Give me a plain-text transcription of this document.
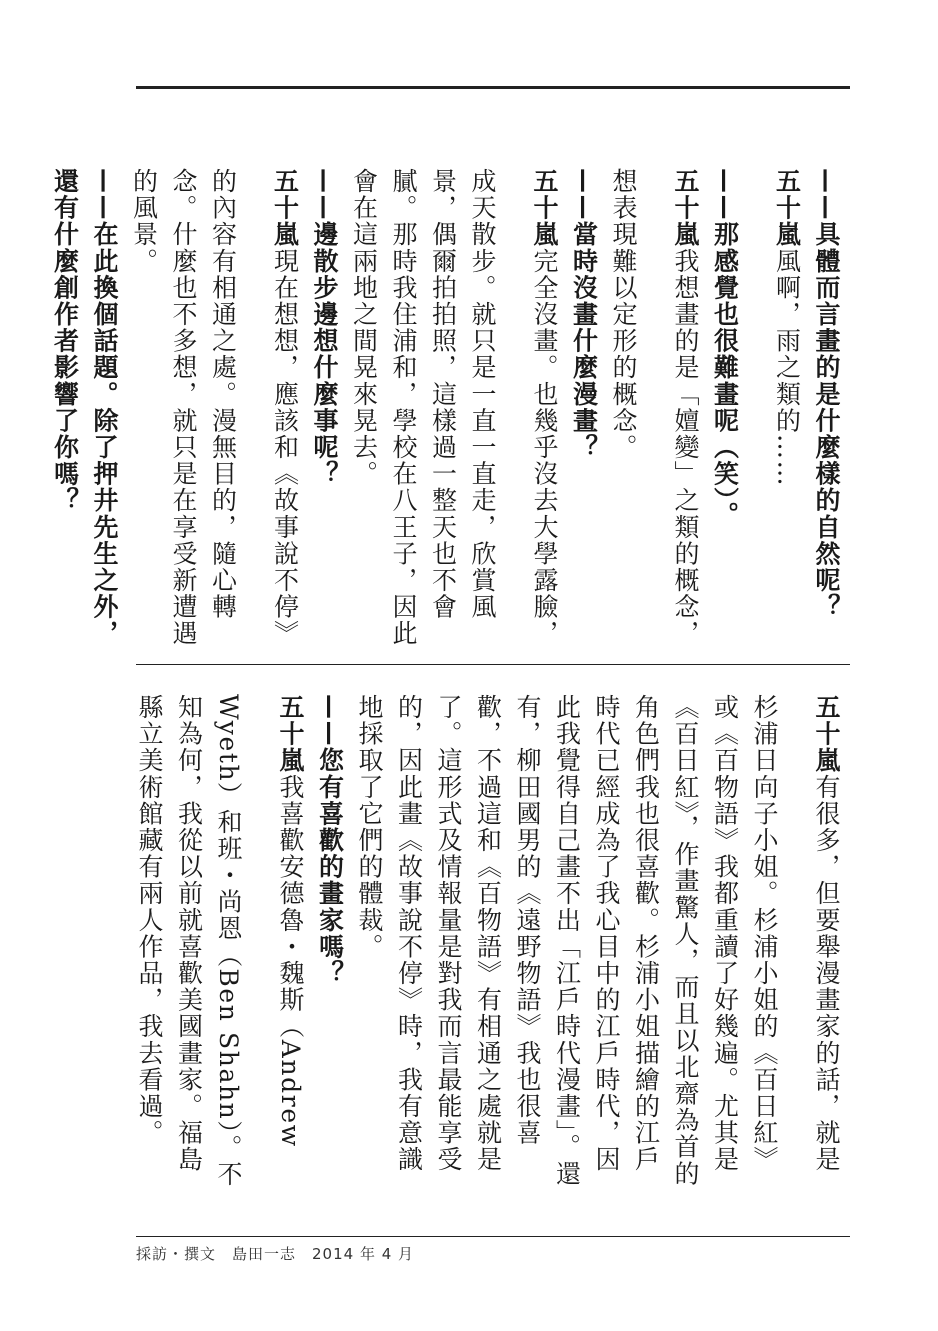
——具體而言畫的是什麼樣的自然呢？

五十嵐風啊，雨之類的……

——那感覺也很難畫呢（笑）。

五十嵐我想畫的是「嬗變」之類的概念，想表現難以定形的概念。

——當時沒畫什麼漫畫？

五十嵐完全沒畫。也幾乎沒去大學露臉，成天散步。就只是一直一直走，欣賞風景，偶爾拍拍照，這樣過一整天也不會膩。那時我住浦和，學校在八王子，因此會在這兩地之間晃來晃去。

——邊散步邊想什麼事呢？

五十嵐現在想想，應該和《故事說不停》的內容有相通之處。漫無目的，隨心轉念。什麼也不多想，就只是在享受新遭遇的風景。

——在此換個話題。除了押井先生之外，還有什麼創作者影響了你嗎？

五十嵐有很多，但要舉漫畫家的話，就是杉浦日向子小姐。杉浦小姐的《百日紅》或《百物語》我都重讀了好幾遍。尤其是《百日紅》，作畫驚人，而且以北齋為首的角色們我也很喜歡。杉浦小姐描繪的江戶時代已經成為了我心目中的江戶時代，因此我覺得自己畫不出「江戶時代漫畫」。還有，柳田國男的《遠野物語》我也很喜歡，不過這和《百物語》有相通之處就是了。這形式及情報量是對我而言最能享受的，因此畫《故事說不停》時，我有意識地採取了它們的體裁。

——您有喜歡的畫家嗎？

五十嵐我喜歡安德魯・魏斯（Andrew Wyeth）和班・尚恩（Ben Shahn）。不知為何，我從以前就喜歡美國畫家。福島縣立美術館藏有兩人作品，我去看過。

採訪・撰文　島田一志　2014 年 4 月
